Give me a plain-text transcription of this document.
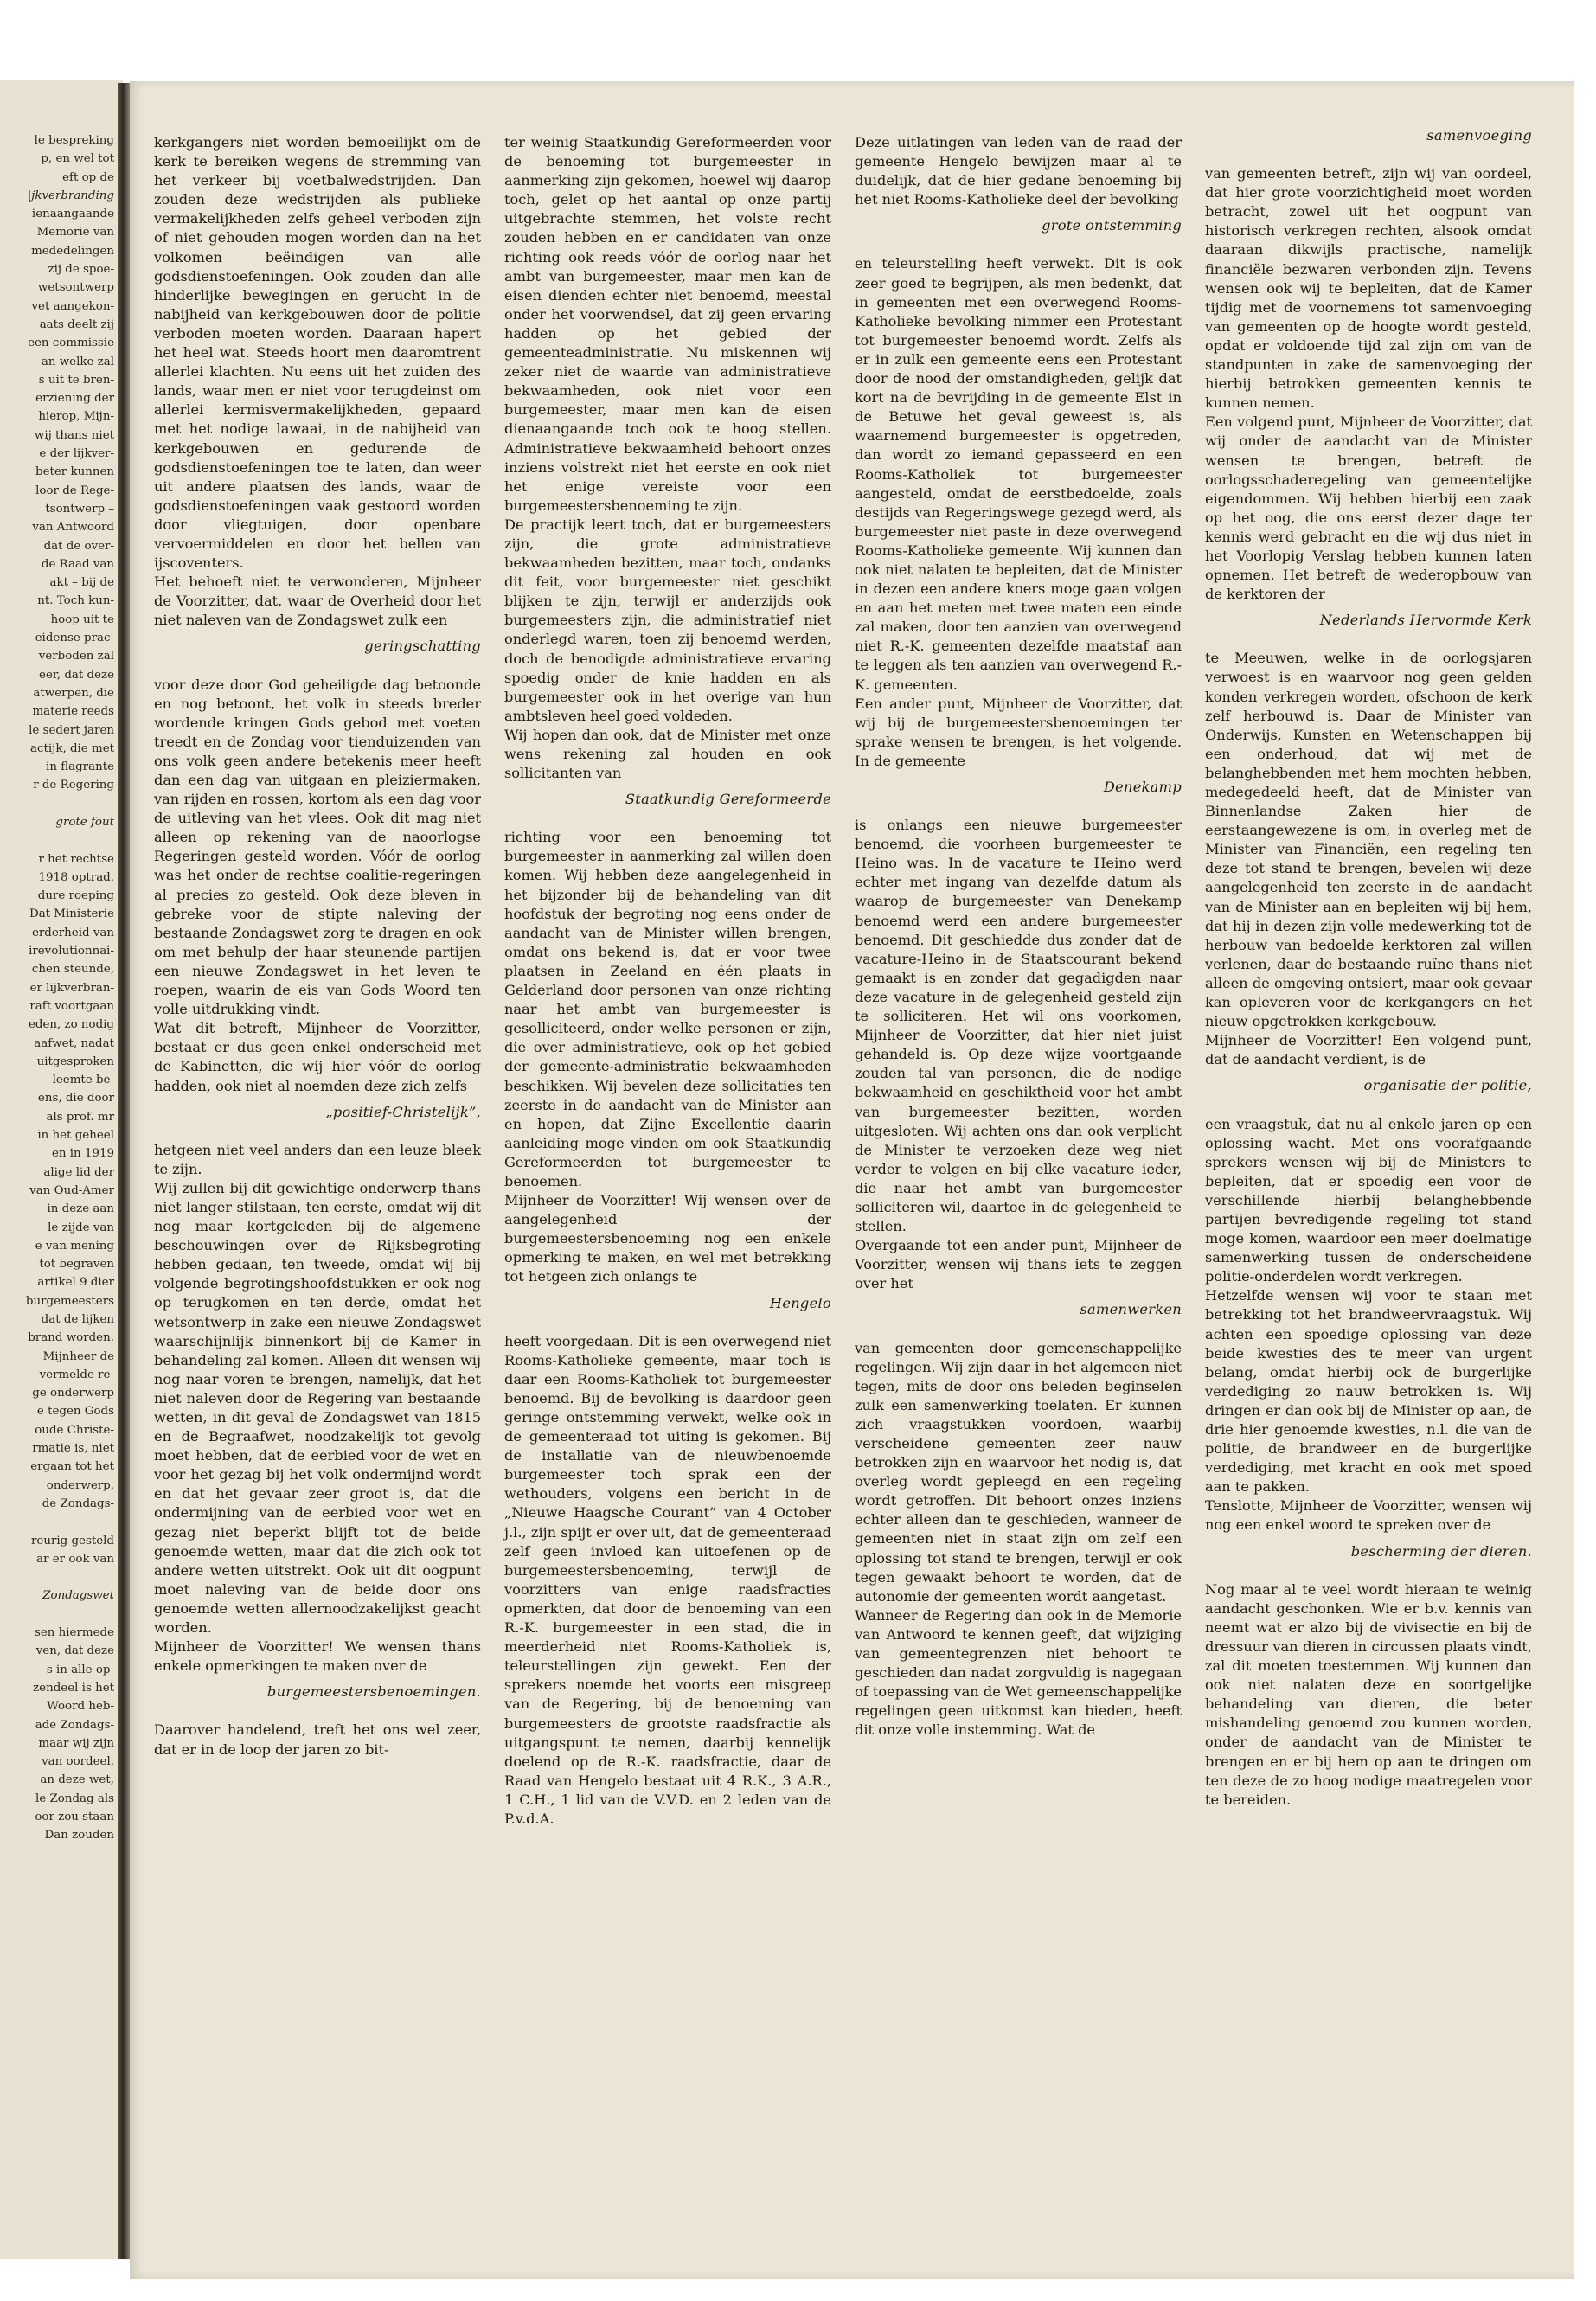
le bespreking
p, en wel tot
eft op de
|jkverbranding
ienaangaande
Memorie van
mededelingen
zij de spoe-
wetsontwerp
vet aangekon-
aats deelt zij
een commissie
an welke zal
s uit te bren-
erziening der
hierop, Mijn-
wij thans niet
e der lijkver-
beter kunnen
loor de Rege-
tsontwerp –
van Antwoord
dat de over-
de Raad van
akt – bij de
nt. Toch kun-
hoop uit te
eidense prac-
verboden zal
eer, dat deze
atwerpen, die
materie reeds
le sedert jaren
actijk, die met
in flagrante
r de Regering

grote fout

r het rechtse
1918 optrad.
dure roeping
Dat Ministerie
erderheid van
irevolutionnai-
chen steunde,
er lijkverbran-
raft voortgaan
eden, zo nodig
aafwet, nadat
uitgesproken
leemte be-
ens, die door
als prof. mr
in het geheel
en in 1919
alige lid der
van Oud-Amer
in deze aan
le zijde van
e van mening
tot begraven
artikel 9 dier
burgemeesters
dat de lijken
brand worden.
Mijnheer de
vermelde re-
ge onderwerp
e tegen Gods
oude Christe-
rmatie is, niet
ergaan tot het
onderwerp,
de Zondags-

reurig gesteld
ar er ook van

Zondagswet

sen hiermede
ven, dat deze
s in alle op-
zendeel is het
Woord heb-
ade Zondags-
maar wij zijn
van oordeel,
an deze wet,
le Zondag als
oor zou staan
Dan zouden

kerkgangers niet worden bemoeilijkt om de kerk te bereiken wegens de stremming van het verkeer bij voetbalwedstrijden. Dan zouden deze wedstrijden als publieke vermakelijkheden zelfs geheel verboden zijn of niet gehouden mogen worden dan na het volkomen beëindigen van alle godsdienstoefeningen. Ook zouden dan alle hinderlijke bewegingen en gerucht in de nabijheid van kerkgebouwen door de politie verboden moeten worden. Daaraan hapert het heel wat. Steeds hoort men daaromtrent allerlei klachten. Nu eens uit het zuiden des lands, waar men er niet voor terugdeinst om allerlei kermisvermakelijkheden, gepaard met het nodige lawaai, in de nabijheid van kerkgebouwen en gedurende de godsdienstoefeningen toe te laten, dan weer uit andere plaatsen des lands, waar de godsdienstoefeningen vaak gestoord worden door vliegtuigen, door openbare vervoermiddelen en door het bellen van ijscoventers.

Het behoeft niet te verwonderen, Mijnheer de Voorzitter, dat, waar de Overheid door het niet naleven van de Zondagswet zulk een

geringschatting

voor deze door God geheiligde dag betoonde en nog betoont, het volk in steeds breder wordende kringen Gods gebod met voeten treedt en de Zondag voor tienduizenden van ons volk geen andere betekenis meer heeft dan een dag van uitgaan en pleiziermaken, van rijden en rossen, kortom als een dag voor de uitleving van het vlees. Ook dit mag niet alleen op rekening van de naoorlogse Regeringen gesteld worden. Vóór de oorlog was het onder de rechtse coalitie-regeringen al precies zo gesteld. Ook deze bleven in gebreke voor de stipte naleving der bestaande Zondagswet zorg te dragen en ook om met behulp der haar steunende partijen een nieuwe Zondagswet in het leven te roepen, waarin de eis van Gods Woord ten volle uitdrukking vindt.

Wat dit betreft, Mijnheer de Voorzitter, bestaat er dus geen enkel onderscheid met de Kabinetten, die wij hier vóór de oorlog hadden, ook niet al noemden deze zich zelfs

„positief-Christelijk”,

hetgeen niet veel anders dan een leuze bleek te zijn.

Wij zullen bij dit gewichtige onderwerp thans niet langer stilstaan, ten eerste, omdat wij dit nog maar kortgeleden bij de algemene beschouwingen over de Rijksbegroting hebben gedaan, ten tweede, omdat wij bij volgende begrotingshoofdstukken er ook nog op terugkomen en ten derde, omdat het wetsontwerp in zake een nieuwe Zondagswet waarschijnlijk binnenkort bij de Kamer in behandeling zal komen. Alleen dit wensen wij nog naar voren te brengen, namelijk, dat het niet naleven door de Regering van bestaande wetten, in dit geval de Zondagswet van 1815 en de Begraafwet, noodzakelijk tot gevolg moet hebben, dat de eerbied voor de wet en voor het gezag bij het volk ondermijnd wordt en dat het gevaar zeer groot is, dat die ondermijning van de eerbied voor wet en gezag niet beperkt blijft tot de beide genoemde wetten, maar dat die zich ook tot andere wetten uitstrekt. Ook uit dit oogpunt moet naleving van de beide door ons genoemde wetten allernoodzakelijkst geacht worden.

Mijnheer de Voorzitter! We wensen thans enkele opmerkingen te maken over de

burgemeestersbenoemingen.

Daarover handelend, treft het ons wel zeer, dat er in de loop der jaren zo bit-

ter weinig Staatkundig Gereformeerden voor de benoeming tot burgemeester in aanmerking zijn gekomen, hoewel wij daarop toch, gelet op het aantal op onze partij uitgebrachte stemmen, het volste recht zouden hebben en er candidaten van onze richting ook reeds vóór de oorlog naar het ambt van burgemeester, maar men kan de eisen dienden echter niet benoemd, meestal onder het voorwendsel, dat zij geen ervaring hadden op het gebied der gemeenteadministratie. Nu miskennen wij zeker niet de waarde van administratieve bekwaamheden, ook niet voor een burgemeester, maar men kan de eisen dienaangaande toch ook te hoog stellen. Administratieve bekwaamheid behoort onzes inziens volstrekt niet het eerste en ook niet het enige vereiste voor een burgemeestersbenoeming te zijn.

De practijk leert toch, dat er burgemeesters zijn, die grote administratieve bekwaamheden bezitten, maar toch, ondanks dit feit, voor burgemeester niet geschikt blijken te zijn, terwijl er anderzijds ook burgemeesters zijn, die administratief niet onderlegd waren, toen zij benoemd werden, doch de benodigde administratieve ervaring spoedig onder de knie hadden en als burgemeester ook in het overige van hun ambtsleven heel goed voldeden.

Wij hopen dan ook, dat de Minister met onze wens rekening zal houden en ook sollicitanten van

Staatkundig Gereformeerde

richting voor een benoeming tot burgemeester in aanmerking zal willen doen komen. Wij hebben deze aangelegenheid in het bijzonder bij de behandeling van dit hoofdstuk der begroting nog eens onder de aandacht van de Minister willen brengen, omdat ons bekend is, dat er voor twee plaatsen in Zeeland en één plaats in Gelderland door personen van onze richting naar het ambt van burgemeester is gesolliciteerd, onder welke personen er zijn, die over administratieve, ook op het gebied der gemeente-administratie bekwaamheden beschikken. Wij bevelen deze sollicitaties ten zeerste in de aandacht van de Minister aan en hopen, dat Zijne Excellentie daarin aanleiding moge vinden om ook Staatkundig Gereformeerden tot burgemeester te benoemen.

Mijnheer de Voorzitter! Wij wensen over de aangelegenheid der burgemeestersbenoeming nog een enkele opmerking te maken, en wel met betrekking tot hetgeen zich onlangs te

Hengelo

heeft voorgedaan. Dit is een overwegend niet Rooms-Katholieke gemeente, maar toch is daar een Rooms-Katholiek tot burgemeester benoemd. Bij de bevolking is daardoor geen geringe ontstemming verwekt, welke ook in de gemeenteraad tot uiting is gekomen. Bij de installatie van de nieuwbenoemde burgemeester toch sprak een der wethouders, volgens een bericht in de „Nieuwe Haagsche Courant” van 4 October j.l., zijn spijt er over uit, dat de gemeenteraad zelf geen invloed kan uitoefenen op de burgemeestersbenoeming, terwijl de voorzitters van enige raadsfracties opmerkten, dat door de benoeming van een R.-K. burgemeester in een stad, die in meerderheid niet Rooms-Katholiek is, teleurstellingen zijn gewekt. Een der sprekers noemde het voorts een misgreep van de Regering, bij de benoeming van burgemeesters de grootste raadsfractie als uitgangspunt te nemen, daarbij kennelijk doelend op de R.-K. raadsfractie, daar de Raad van Hengelo bestaat uit 4 R.K., 3 A.R., 1 C.H., 1 lid van de V.V.D. en 2 leden van de P.v.d.A.

Deze uitlatingen van leden van de raad der gemeente Hengelo bewijzen maar al te duidelijk, dat de hier gedane benoeming bij het niet Rooms-Katholieke deel der bevolking

grote ontstemming

en teleurstelling heeft verwekt. Dit is ook zeer goed te begrijpen, als men bedenkt, dat in gemeenten met een overwegend Rooms-Katholieke bevolking nimmer een Protestant tot burgemeester benoemd wordt. Zelfs als er in zulk een gemeente eens een Protestant door de nood der omstandigheden, gelijk dat kort na de bevrijding in de gemeente Elst in de Betuwe het geval geweest is, als waarnemend burgemeester is opgetreden, dan wordt zo iemand gepasseerd en een Rooms-Katholiek tot burgemeester aangesteld, omdat de eerstbedoelde, zoals destijds van Regeringswege gezegd werd, als burgemeester niet paste in deze overwegend Rooms-Katholieke gemeente. Wij kunnen dan ook niet nalaten te bepleiten, dat de Minister in dezen een andere koers moge gaan volgen en aan het meten met twee maten een einde zal maken, door ten aanzien van overwegend niet R.-K. gemeenten dezelfde maatstaf aan te leggen als ten aanzien van overwegend R.-K. gemeenten.

Een ander punt, Mijnheer de Voorzitter, dat wij bij de burgemeestersbenoemingen ter sprake wensen te brengen, is het volgende. In de gemeente

Denekamp

is onlangs een nieuwe burgemeester benoemd, die voorheen burgemeester te Heino was. In de vacature te Heino werd echter met ingang van dezelfde datum als waarop de burgemeester van Denekamp benoemd werd een andere burgemeester benoemd. Dit geschiedde dus zonder dat de vacature-Heino in de Staatscourant bekend gemaakt is en zonder dat gegadigden naar deze vacature in de gelegenheid gesteld zijn te solliciteren. Het wil ons voorkomen, Mijnheer de Voorzitter, dat hier niet juist gehandeld is. Op deze wijze voortgaande zouden tal van personen, die de nodige bekwaamheid en geschiktheid voor het ambt van burgemeester bezitten, worden uitgesloten. Wij achten ons dan ook verplicht de Minister te verzoeken deze weg niet verder te volgen en bij elke vacature ieder, die naar het ambt van burgemeester solliciteren wil, daartoe in de gelegenheid te stellen.

Overgaande tot een ander punt, Mijnheer de Voorzitter, wensen wij thans iets te zeggen over het

samenwerken

van gemeenten door gemeenschappelijke regelingen. Wij zijn daar in het algemeen niet tegen, mits de door ons beleden beginselen zulk een samenwerking toelaten. Er kunnen zich vraagstukken voordoen, waarbij verscheidene gemeenten zeer nauw betrokken zijn en waarvoor het nodig is, dat overleg wordt gepleegd en een regeling wordt getroffen. Dit behoort onzes inziens echter alleen dan te geschieden, wanneer de gemeenten niet in staat zijn om zelf een oplossing tot stand te brengen, terwijl er ook tegen gewaakt behoort te worden, dat de autonomie der gemeenten wordt aangetast.

Wanneer de Regering dan ook in de Memorie van Antwoord te kennen geeft, dat wijziging van gemeentegrenzen niet behoort te geschieden dan nadat zorgvuldig is nagegaan of toepassing van de Wet gemeenschappelijke regelingen geen uitkomst kan bieden, heeft dit onze volle instemming. Wat de

samenvoeging

van gemeenten betreft, zijn wij van oordeel, dat hier grote voorzichtigheid moet worden betracht, zowel uit het oogpunt van historisch verkregen rechten, alsook omdat daaraan dikwijls practische, namelijk financiële bezwaren verbonden zijn. Tevens wensen ook wij te bepleiten, dat de Kamer tijdig met de voornemens tot samenvoeging van gemeenten op de hoogte wordt gesteld, opdat er voldoende tijd zal zijn om van de standpunten in zake de samenvoeging der hierbij betrokken gemeenten kennis te kunnen nemen.

Een volgend punt, Mijnheer de Voorzitter, dat wij onder de aandacht van de Minister wensen te brengen, betreft de oorlogsschaderegeling van gemeentelijke eigendommen. Wij hebben hierbij een zaak op het oog, die ons eerst dezer dage ter kennis werd gebracht en die wij dus niet in het Voorlopig Verslag hebben kunnen laten opnemen. Het betreft de wederopbouw van de kerktoren der

Nederlands Hervormde Kerk

te Meeuwen, welke in de oorlogsjaren verwoest is en waarvoor nog geen gelden konden verkregen worden, ofschoon de kerk zelf herbouwd is. Daar de Minister van Onderwijs, Kunsten en Wetenschappen bij een onderhoud, dat wij met de belanghebbenden met hem mochten hebben, medegedeeld heeft, dat de Minister van Binnenlandse Zaken hier de eerstaangewezene is om, in overleg met de Minister van Financiën, een regeling ten deze tot stand te brengen, bevelen wij deze aangelegenheid ten zeerste in de aandacht van de Minister aan en bepleiten wij bij hem, dat hij in dezen zijn volle medewerking tot de herbouw van bedoelde kerktoren zal willen verlenen, daar de bestaande ruïne thans niet alleen de omgeving ontsiert, maar ook gevaar kan opleveren voor de kerkgangers en het nieuw opgetrokken kerkgebouw.

Mijnheer de Voorzitter! Een volgend punt, dat de aandacht verdient, is de

organisatie der politie,

een vraagstuk, dat nu al enkele jaren op een oplossing wacht. Met ons voorafgaande sprekers wensen wij bij de Ministers te bepleiten, dat er spoedig een voor de verschillende hierbij belanghebbende partijen bevredigende regeling tot stand moge komen, waardoor een meer doelmatige samenwerking tussen de onderscheidene politie-onderdelen wordt verkregen.

Hetzelfde wensen wij voor te staan met betrekking tot het brandweervraagstuk. Wij achten een spoedige oplossing van deze beide kwesties des te meer van urgent belang, omdat hierbij ook de burgerlijke verdediging zo nauw betrokken is. Wij dringen er dan ook bij de Minister op aan, de drie hier genoemde kwesties, n.l. die van de politie, de brandweer en de burgerlijke verdediging, met kracht en ook met spoed aan te pakken.

Tenslotte, Mijnheer de Voorzitter, wensen wij nog een enkel woord te spreken over de

bescherming der dieren.

Nog maar al te veel wordt hieraan te weinig aandacht geschonken. Wie er b.v. kennis van neemt wat er alzo bij de vivisectie en bij de dressuur van dieren in circussen plaats vindt, zal dit moeten toestemmen. Wij kunnen dan ook niet nalaten deze en soortgelijke behandeling van dieren, die beter mishandeling genoemd zou kunnen worden, onder de aandacht van de Minister te brengen en er bij hem op aan te dringen om ten deze de zo hoog nodige maatregelen voor te bereiden.
